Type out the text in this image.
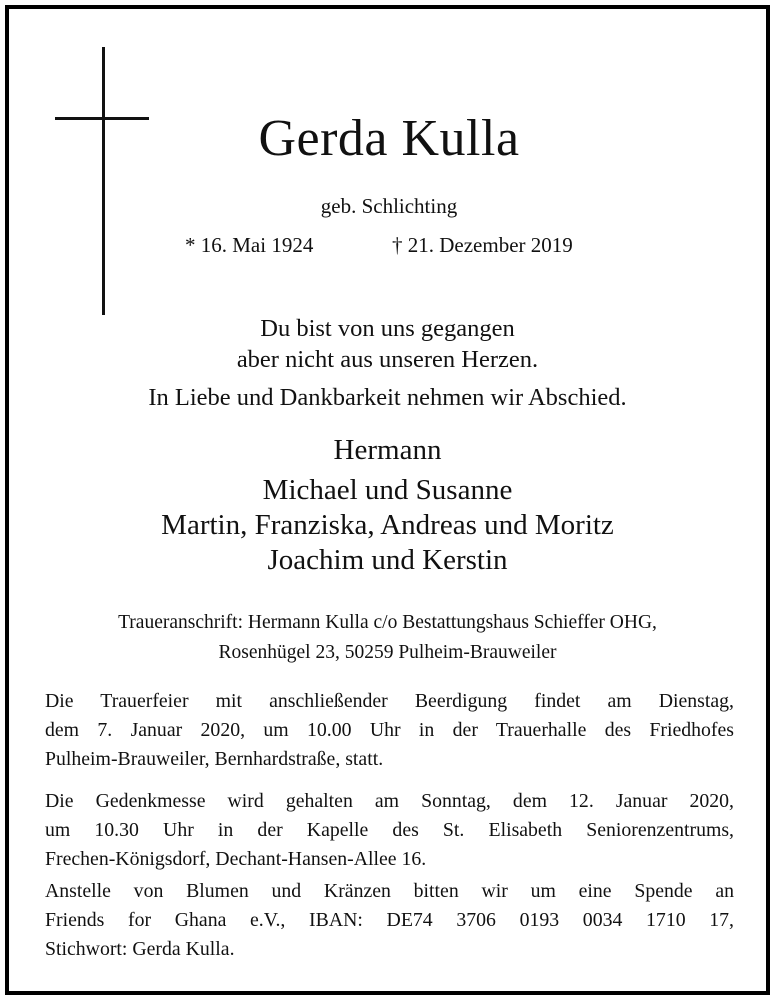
Gerda Kulla
geb. Schlichting
* 16. Mai 1924	† 21. Dezember 2019
Du bist von uns gegangen
aber nicht aus unseren Herzen.
In Liebe und Dankbarkeit nehmen wir Abschied.
Hermann
Michael und Susanne
Martin, Franziska, Andreas und Moritz
Joachim und Kerstin
Traueranschrift: Hermann Kulla c/o Bestattungshaus Schieffer OHG,
Rosenhügel 23, 50259 Pulheim-Brauweiler
Die Trauerfeier mit anschließender Beerdigung findet am Dienstag,
dem 7. Januar 2020, um 10.00 Uhr in der Trauerhalle des Friedhofes
Pulheim-Brauweiler, Bernhardstraße, statt.
Die Gedenkmesse wird gehalten am Sonntag, dem 12. Januar 2020,
um 10.30 Uhr in der Kapelle des St. Elisabeth Seniorenzentrums,
Frechen-Königsdorf, Dechant-Hansen-Allee 16.
Anstelle von Blumen und Kränzen bitten wir um eine Spende an
Friends for Ghana e.V., IBAN: DE74 3706 0193 0034 1710 17,
Stichwort: Gerda Kulla.
